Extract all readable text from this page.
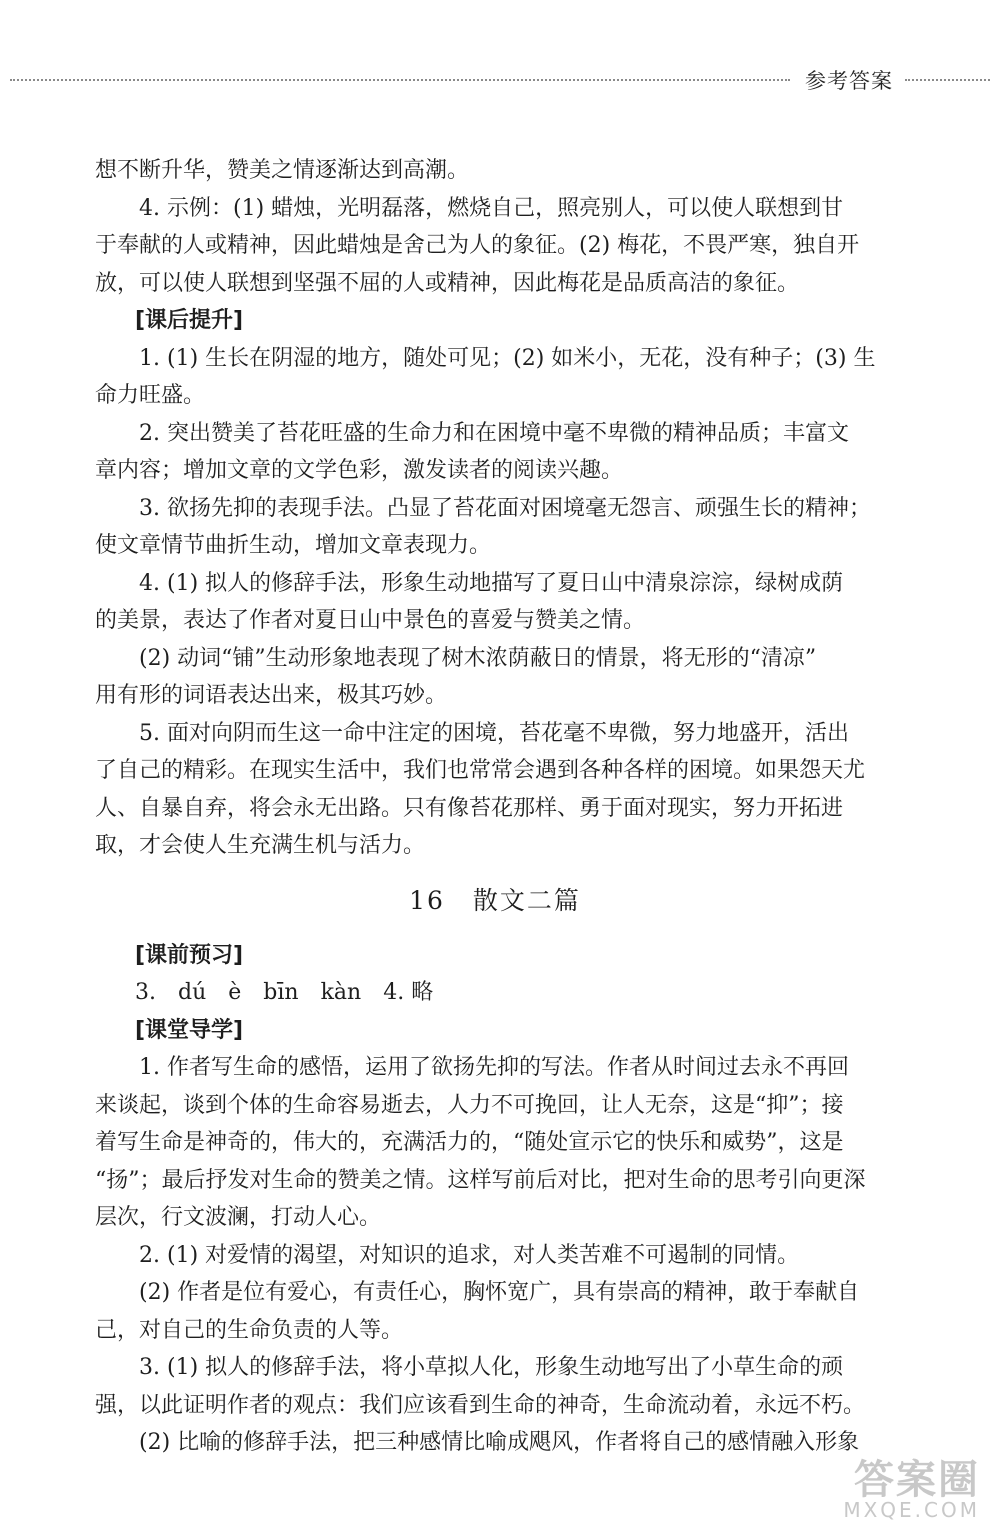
参考答案

想不断升华，赞美之情逐渐达到高潮。

4. 示例：(1) 蜡烛，光明磊落，燃烧自己，照亮别人，可以使人联想到甘
于奉献的人或精神，因此蜡烛是舍己为人的象征。(2) 梅花，不畏严寒，独自开
放，可以使人联想到坚强不屈的人或精神，因此梅花是品质高洁的象征。

[课后提升]

1. (1) 生长在阴湿的地方，随处可见；(2) 如米小，无花，没有种子；(3) 生
命力旺盛。

2. 突出赞美了苔花旺盛的生命力和在困境中毫不卑微的精神品质；丰富文
章内容；增加文章的文学色彩，激发读者的阅读兴趣。

3. 欲扬先抑的表现手法。凸显了苔花面对困境毫无怨言、顽强生长的精神；
使文章情节曲折生动，增加文章表现力。

4. (1) 拟人的修辞手法，形象生动地描写了夏日山中清泉淙淙，绿树成荫
的美景，表达了作者对夏日山中景色的喜爱与赞美之情。

(2) 动词“铺”生动形象地表现了树木浓荫蔽日的情景，将无形的“清凉”
用有形的词语表达出来，极其巧妙。

5. 面对向阴而生这一命中注定的困境，苔花毫不卑微，努力地盛开，活出
了自己的精彩。在现实生活中，我们也常常会遇到各种各样的困境。如果怨天尤
人、自暴自弃，将会永无出路。只有像苔花那样、勇于面对现实，努力开拓进
取，才会使人生充满生机与活力。

16 散文二篇

[课前预习]

3. dú è bīn kàn 4. 略

[课堂导学]

1. 作者写生命的感悟，运用了欲扬先抑的写法。作者从时间过去永不再回
来谈起，谈到个体的生命容易逝去，人力不可挽回，让人无奈，这是“抑”；接
着写生命是神奇的，伟大的，充满活力的，“随处宣示它的快乐和威势”，这是
“扬”；最后抒发对生命的赞美之情。这样写前后对比，把对生命的思考引向更深
层次，行文波澜，打动人心。

2. (1) 对爱情的渴望，对知识的追求，对人类苦难不可遏制的同情。

(2) 作者是位有爱心，有责任心，胸怀宽广，具有崇高的精神，敢于奉献自
己，对自己的生命负责的人等。

3. (1) 拟人的修辞手法，将小草拟人化，形象生动地写出了小草生命的顽
强，以此证明作者的观点：我们应该看到生命的神奇，生命流动着，永远不朽。

(2) 比喻的修辞手法，把三种感情比喻成飓风，作者将自己的感情融入形象

答案圈
MXQE.COM
